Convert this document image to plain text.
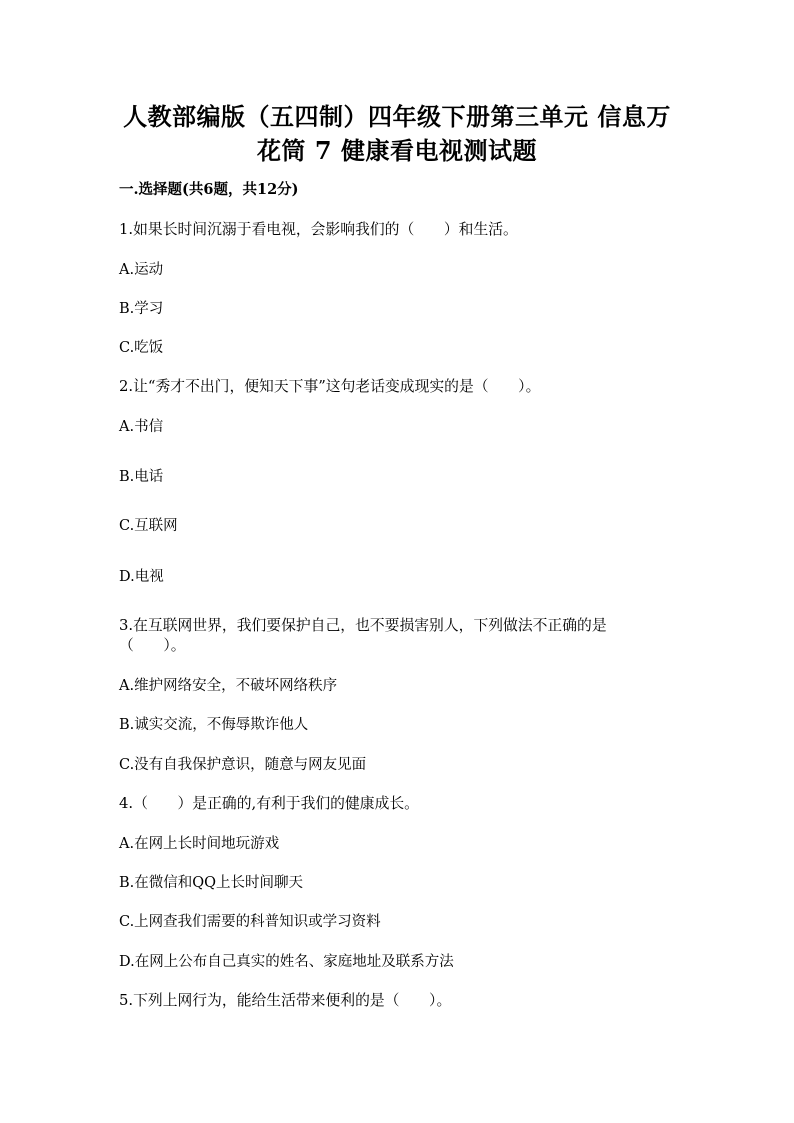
人教部编版（五四制）四年级下册第三单元 信息万
花筒 7 健康看电视测试题
一.选择题(共6题，共12分)
1.如果长时间沉溺于看电视，会影响我们的（　　）和生活。
A.运动
B.学习
C.吃饭
2.让“秀才不出门，便知天下事”这句老话变成现实的是（　　）。
A.书信
B.电话
C.互联网
D.电视
3.在互联网世界，我们要保护自己，也不要损害别人，下列做法不正确的是
（　　）。
A.维护网络安全，不破坏网络秩序
B.诚实交流，不侮辱欺诈他人
C.没有自我保护意识，随意与网友见面
4.（　　）是正确的,有利于我们的健康成长。
A.在网上长时间地玩游戏
B.在微信和QQ上长时间聊天
C.上网查我们需要的科普知识或学习资料
D.在网上公布自己真实的姓名、家庭地址及联系方法
5.下列上网行为，能给生活带来便利的是（　　）。
